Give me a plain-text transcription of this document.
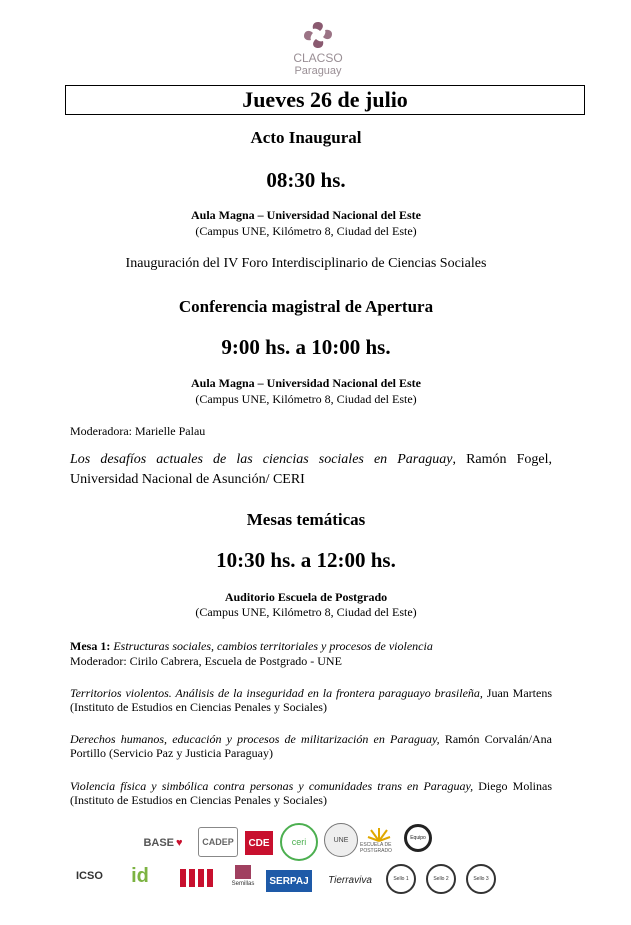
CLACSO
Paraguay
Jueves 26 de julio
Acto Inaugural
08:30 hs.
Aula Magna – Universidad Nacional del Este
(Campus UNE, Kilómetro 8, Ciudad del Este)
Inauguración del IV Foro Interdisciplinario de Ciencias Sociales
Conferencia magistral de Apertura
9:00 hs. a 10:00 hs.
Aula Magna – Universidad Nacional del Este
(Campus UNE, Kilómetro 8, Ciudad del Este)
Moderadora: Marielle Palau
Los desafíos actuales de las ciencias sociales en Paraguay, Ramón Fogel, Universidad Nacional de Asunción/ CERI
Mesas temáticas
10:30 hs. a 12:00 hs.
Auditorio Escuela de Postgrado
(Campus UNE, Kilómetro 8, Ciudad del Este)
Mesa 1: Estructuras sociales, cambios territoriales y procesos de violencia
Moderador: Cirilo Cabrera, Escuela de Postgrado - UNE
Territorios violentos. Análisis de la inseguridad en la frontera paraguayo brasileña, Juan Martens (Instituto de Estudios en Ciencias Penales y Sociales)
Derechos humanos, educación y procesos de militarización en Paraguay, Ramón Corvalán/Ana Portillo (Servicio Paz y Justicia Paraguay)
Violencia física y simbólica contra personas y comunidades trans en Paraguay, Diego Molinas (Instituto de Estudios en Ciencias Penales y Sociales)
BASE ♥ CADEP CDE ceri	UNE
ESCUELA DE POSTGRADO
Equipo
ICSO id	Semillas SERPAJ Tierraviva	Sello 1	Sello 2	Sello 3
